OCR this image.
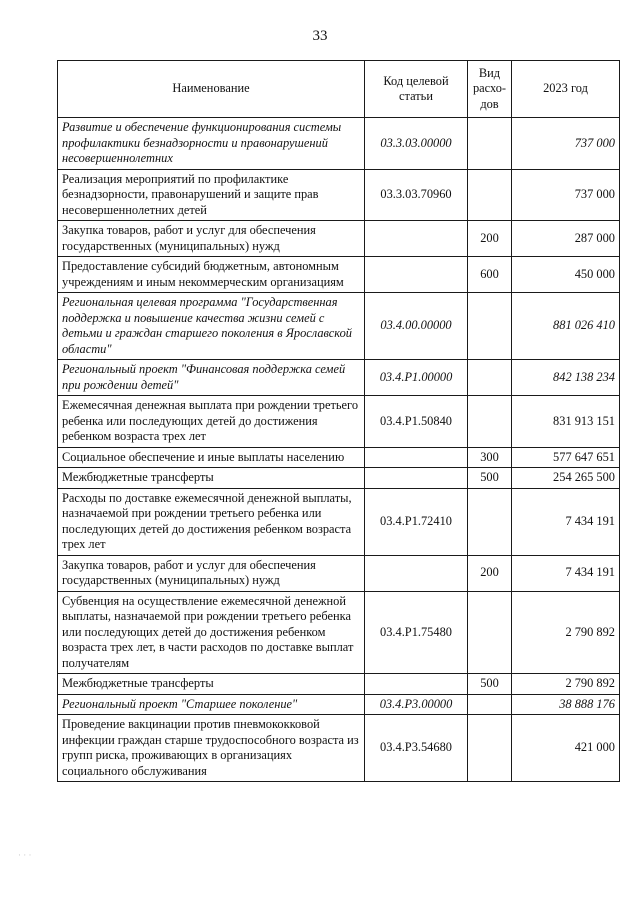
33
Наименование	Код целевой статьи	Вид расхо-дов	2023 год
Развитие и обеспечение функционирования системы профилактики безнадзорности и правонарушений несовершеннолетних	03.3.03.00000		737 000
Реализация мероприятий по профилактике безнадзорности, правонарушений и защите прав несовершеннолетних детей	03.3.03.70960		737 000
Закупка товаров, работ и услуг для обеспечения государственных (муниципальных) нужд		200	287 000
Предоставление субсидий бюджетным, автономным учреждениям и иным некоммерческим организациям		600	450 000
Региональная целевая программа "Государственная поддержка и повышение качества жизни семей с детьми и граждан старшего поколения в Ярославской области"	03.4.00.00000		881 026 410
Региональный проект "Финансовая поддержка семей при рождении детей"	03.4.P1.00000		842 138 234
Ежемесячная денежная выплата при рождении третьего ребенка или последующих детей до достижения ребенком возраста трех лет	03.4.P1.50840		831 913 151
Социальное обеспечение и иные выплаты населению		300	577 647 651
Межбюджетные трансферты		500	254 265 500
Расходы по доставке ежемесячной денежной выплаты, назначаемой при рождении третьего ребенка или последующих детей до достижения ребенком возраста трех лет	03.4.P1.72410		7 434 191
Закупка товаров, работ и услуг для обеспечения государственных (муниципальных) нужд		200	7 434 191
Субвенция на осуществление ежемесячной денежной выплаты, назначаемой при рождении третьего ребенка или последующих детей до достижения ребенком возраста трех лет, в части расходов по доставке выплат получателям	03.4.P1.75480		2 790 892
Межбюджетные трансферты		500	2 790 892
Региональный проект "Старшее поколение"	03.4.P3.00000		38 888 176
Проведение вакцинации против пневмококковой инфекции граждан старше трудоспособного возраста из групп риска, проживающих в организациях социального обслуживания	03.4.P3.54680		421 000
· · ·
